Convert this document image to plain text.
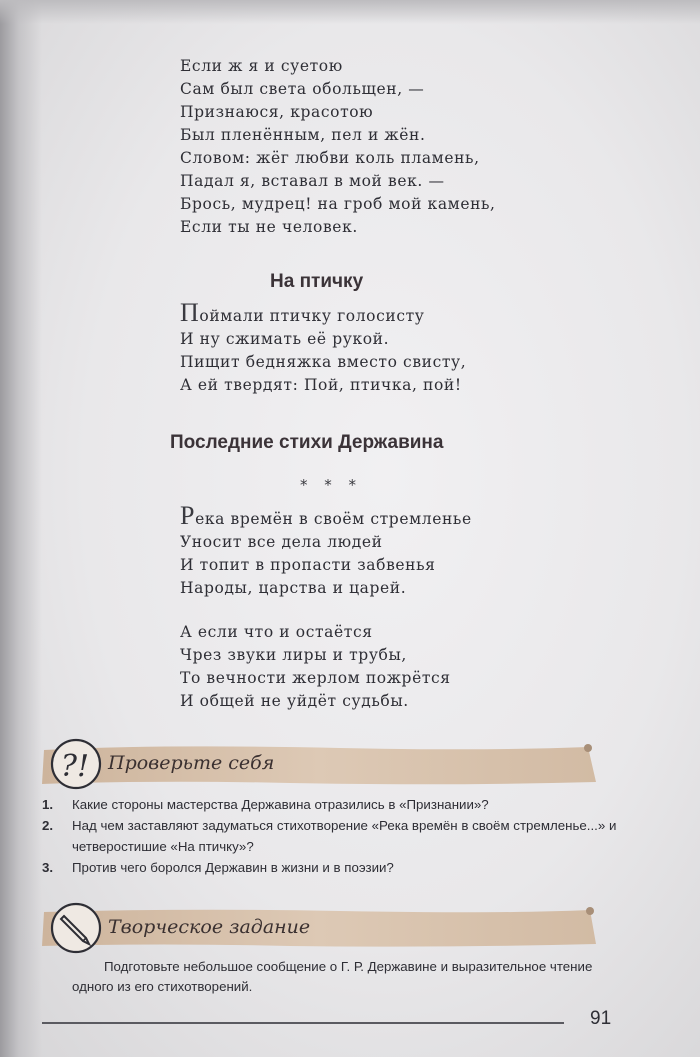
Если ж я и суетою
Сам был света обольщен, —
Признаюся, красотою
Был пленённым, пел и жён.
Словом: жёг любви коль пламень,
Падал я, вставал в мой век. —
Брось, мудрец! на гроб мой камень,
Если ты не человек.
На птичку
Поймали птичку голосисту
И ну сжимать её рукой.
Пищит бедняжка вместо свисту,
А ей твердят: Пой, птичка, пой!
Последние стихи Державина
* * *
Река времён в своём стремленье
Уносит все дела людей
И топит в пропасти забвенья
Народы, царства и царей.
А если что и остаётся
Чрез звуки лиры и трубы,
То вечности жерлом пожрётся
И общей не уйдёт судьбы.
?! Проверьте себя
1. Какие стороны мастерства Державина отразились в «Признании»?
2. Над чем заставляют задуматься стихотворение «Река времён в своём стремленье...» и четверостишие «На птичку»?
3. Против чего боролся Державин в жизни и в поэзии?
Творческое задание

Подготовьте небольшое сообщение о Г. Р. Державине и выразительное чтение одного из его стихотворений.

91
